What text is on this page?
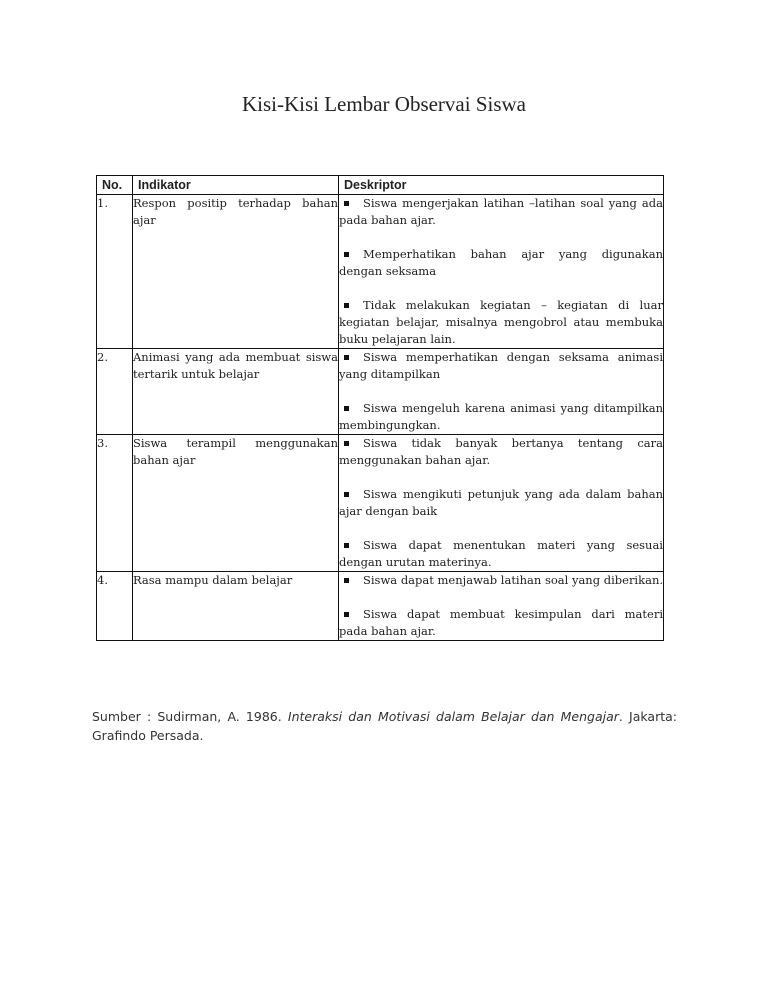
Kisi-Kisi Lembar Observai Siswa
No.	Indikator	Deskriptor
1.	Respon positip terhadap bahan ajar	Siswa mengerjakan latihan –latihan soal yang ada pada bahan ajar.

Memperhatikan bahan ajar yang digunakan dengan seksama

Tidak melakukan kegiatan – kegiatan di luar kegiatan belajar, misalnya mengobrol atau membuka buku pelajaran lain.

2.	Animasi yang ada membuat siswa tertarik untuk belajar	Siswa memperhatikan dengan seksama animasi yang ditampilkan

Siswa mengeluh karena animasi yang ditampilkan membingungkan.

3.	Siswa terampil menggunakan bahan ajar	Siswa tidak banyak bertanya tentang cara menggunakan bahan ajar.

Siswa mengikuti petunjuk yang ada dalam bahan ajar dengan baik

Siswa dapat menentukan materi yang sesuai dengan urutan materinya.

4.	Rasa mampu dalam belajar	Siswa dapat menjawab latihan soal yang diberikan.

Siswa dapat membuat kesimpulan dari materi pada bahan ajar.

Sumber : Sudirman, A. 1986. Interaksi dan Motivasi dalam Belajar dan Mengajar. Jakarta: Grafindo Persada.
